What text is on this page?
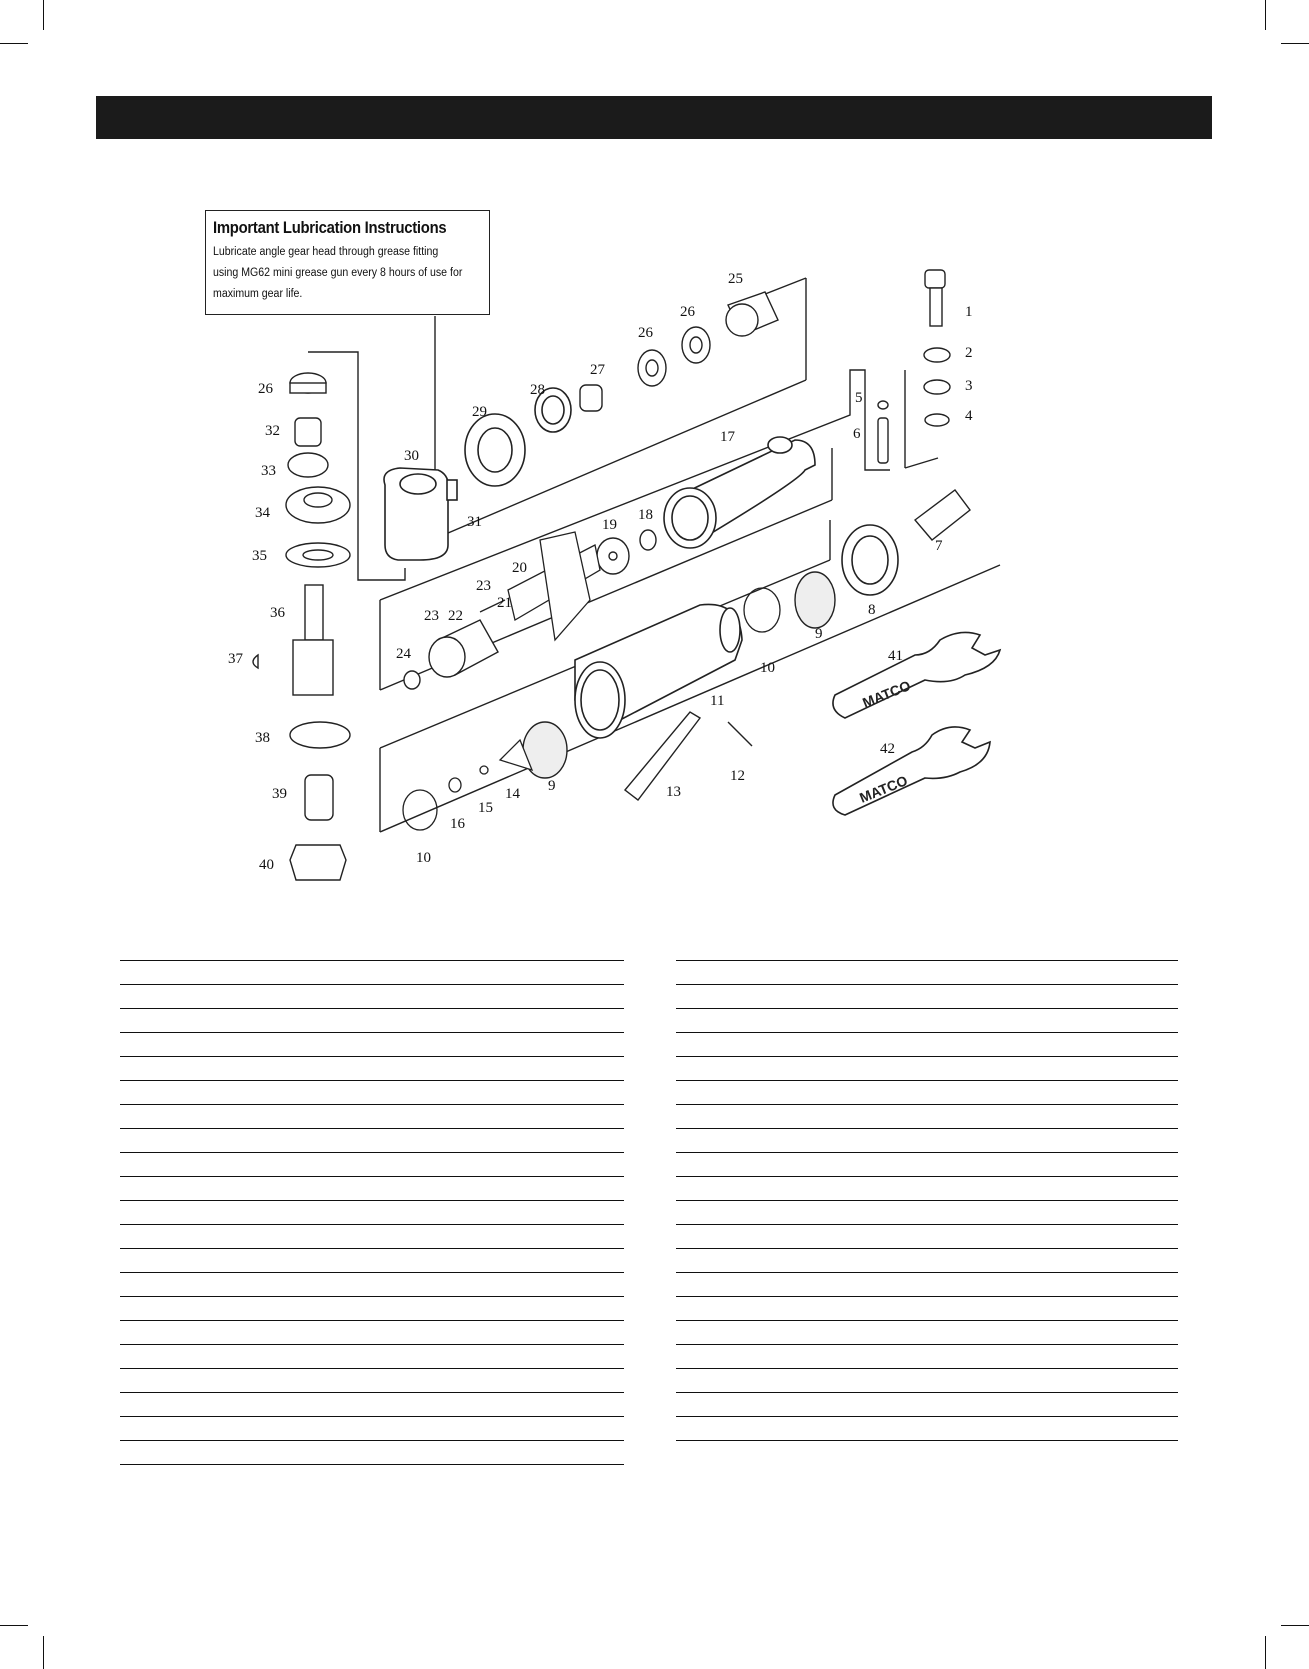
MATCO
MATCO
1
2
3
4
5
6
7
8
9
9
10
10
11
12
13
14
15
16
17
18
19
20
21
22
23
23
24
25
26
26
26
27
28
29
30
31
32
33
34
35
36
37
38
39
40
41
42
Important Lubrication Instructions
Lubricate angle gear head through grease fitting
using MG62 mini grease gun every 8 hours of use for
maximum gear life.
